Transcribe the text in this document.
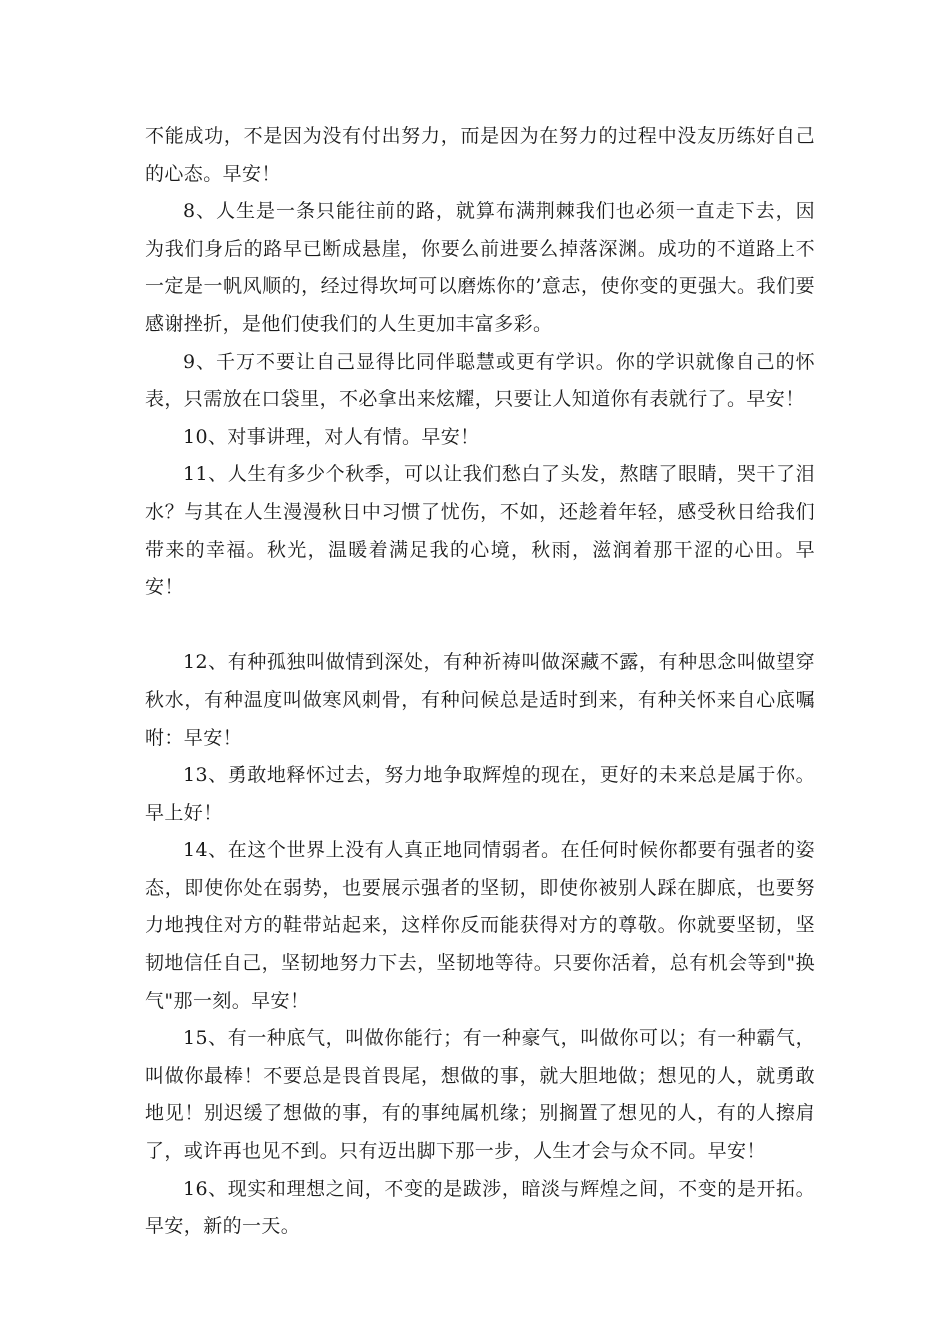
不能成功，不是因为没有付出努力，而是因为在努力的过程中没友历练好自己的心态。早安！

8、人生是一条只能往前的路，就算布满荆棘我们也必须一直走下去，因为我们身后的路早已断成悬崖，你要么前进要么掉落深渊。成功的不道路上不一定是一帆风顺的，经过得坎坷可以磨炼你的’意志，使你变的更强大。我们要感谢挫折，是他们使我们的人生更加丰富多彩。

9、千万不要让自己显得比同伴聪慧或更有学识。你的学识就像自己的怀表，只需放在口袋里，不必拿出来炫耀，只要让人知道你有表就行了。早安！

10、对事讲理，对人有情。早安！

11、人生有多少个秋季，可以让我们愁白了头发，熬瞎了眼睛，哭干了泪水？与其在人生漫漫秋日中习惯了忧伤，不如，还趁着年轻，感受秋日给我们带来的幸福。秋光，温暖着满足我的心境，秋雨，滋润着那干涩的心田。早安！

12、有种孤独叫做情到深处，有种祈祷叫做深藏不露，有种思念叫做望穿秋水，有种温度叫做寒风刺骨，有种问候总是适时到来，有种关怀来自心底嘱咐：早安！

13、勇敢地释怀过去，努力地争取辉煌的现在，更好的未来总是属于你。早上好！

14、在这个世界上没有人真正地同情弱者。在任何时候你都要有强者的姿态，即使你处在弱势，也要展示强者的坚韧，即使你被别人踩在脚底，也要努力地拽住对方的鞋带站起来，这样你反而能获得对方的尊敬。你就要坚韧，坚韧地信任自己，坚韧地努力下去，坚韧地等待。只要你活着，总有机会等到"换气"那一刻。早安！

15、有一种底气，叫做你能行；有一种豪气，叫做你可以；有一种霸气，叫做你最棒！不要总是畏首畏尾，想做的事，就大胆地做；想见的人，就勇敢地见！别迟缓了想做的事，有的事纯属机缘；别搁置了想见的人，有的人擦肩了，或许再也见不到。只有迈出脚下那一步，人生才会与众不同。早安！

16、现实和理想之间，不变的是跋涉，暗淡与辉煌之间，不变的是开拓。早安，新的一天。
